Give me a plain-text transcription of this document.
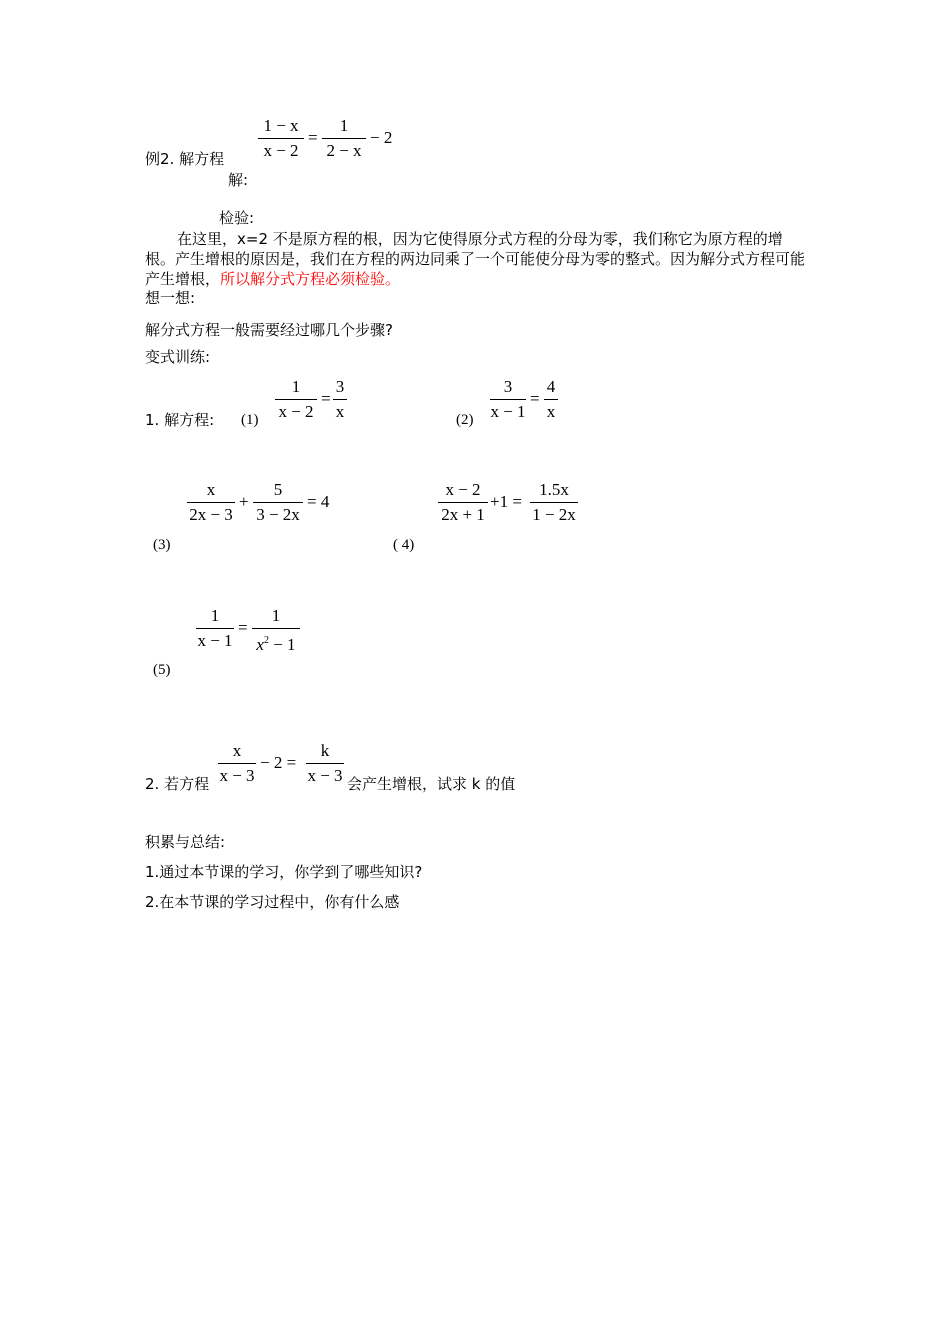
例2. 解方程
1 − x
x − 2
=
1
2 − x
− 2
解:
检验:
在这里，x=2 不是原方程的根，因为它使得原分式方程的分母为零，我们称它为原方程的增根。产生增根的原因是，我们在方程的两边同乘了一个可能使分母为零的整式。因为解分式方程可能产生增根，所以解分式方程必须检验。
想一想:
解分式方程一般需要经过哪几个步骤?
变式训练:
1. 解方程: (1)
1
x − 2
=
3
x	(2)
3
x − 1
=
4
x
x
2x − 3
+
5
3 − 2x
= 4
(3)
x − 2
2x + 1
+1 =
1.5x
1 − 2x
( 4)
1
x − 1
=
1
$x^2 - 1$
(5)
2. 若方程
x
x − 3
− 2 =
k
x − 3 会产生增根，试求 k 的值
积累与总结:
1.通过本节课的学习，你学到了哪些知识?
2.在本节课的学习过程中，你有什么感
